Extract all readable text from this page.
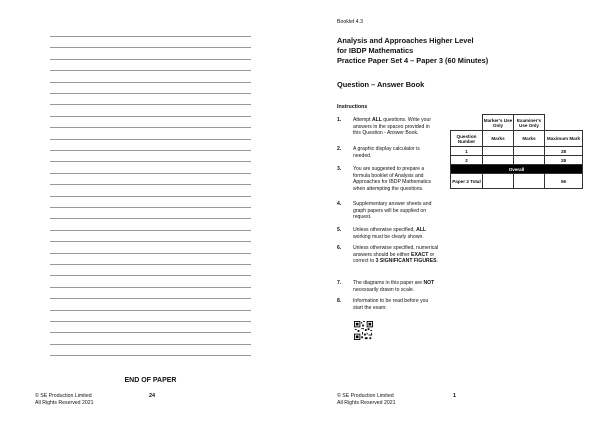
END OF PAPER
© SE Production Limited
All Rights Reserved 2021
24
Booklet 4.3
Analysis and Approaches Higher Level
for IBDP Mathematics
Practice Paper Set 4 – Paper 3 (60 Minutes)
Question – Answer Book
Instructions
1. Attempt ALL questions. Write your answers in the spaces provided in this Question - Answer Book.
2. A graphic display calculator is needed.
3. You are suggested to prepare a formula booklet of Analysis and Approaches for IBDP Mathematics when attempting the questions.
4. Supplementary answer sheets and graph papers will be supplied on request.
5. Unless otherwise specified, ALL working must be clearly shown.
6. Unless otherwise specified, numerical answers should be either EXACT or correct to 3 SIGNIFICANT FIGURES.
7. The diagrams in this paper are NOT necessarily drawn to scale.
8. Information to be read before you start the exam:
	Marker's Use Only	Examiner's Use Only	
Question Number	Marks	Marks	Maximum Mark
1			28
2			28
Overall			
Paper 3 Total			56
© SE Production Limited
All Rights Reserved 2021
1
